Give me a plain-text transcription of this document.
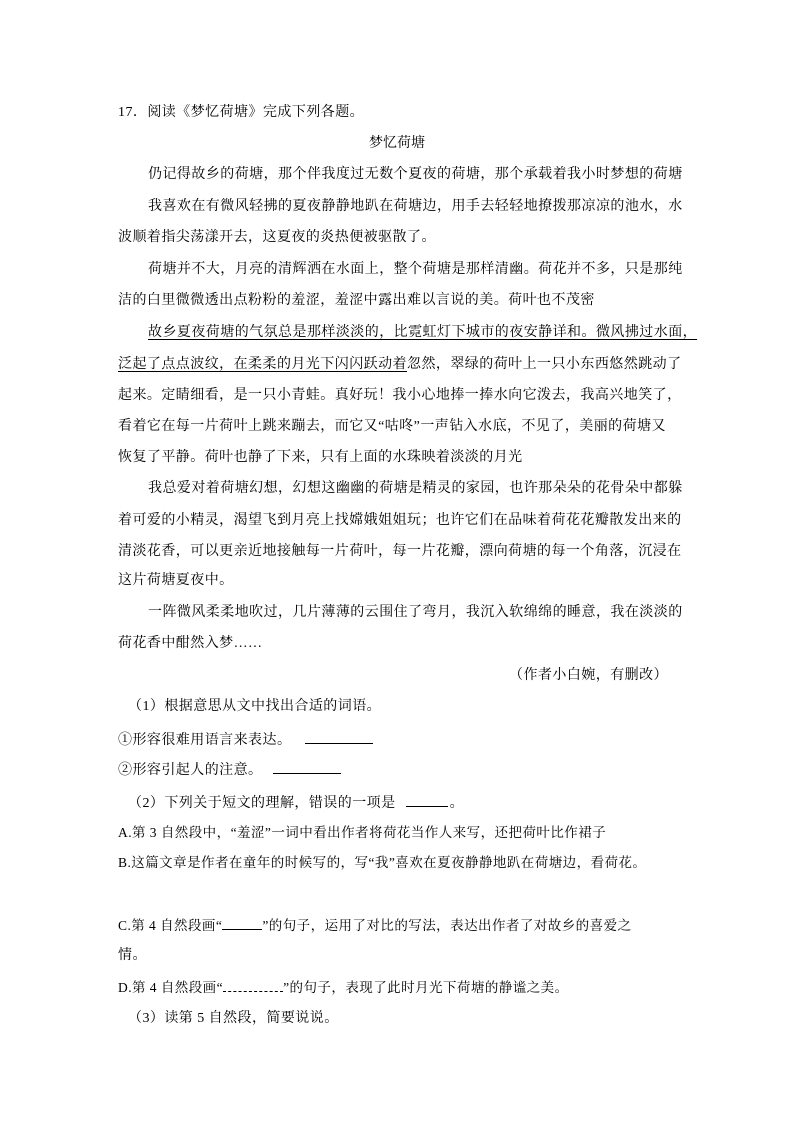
17．阅读《梦忆荷塘》完成下列各题。
梦忆荷塘
仍记得故乡的荷塘，那个伴我度过无数个夏夜的荷塘，那个承载着我小时梦想的荷塘
我喜欢在有微风轻拂的夏夜静静地趴在荷塘边，用手去轻轻地撩拨那凉凉的池水，水
波顺着指尖荡漾开去，这夏夜的炎热便被驱散了。
荷塘并不大，月亮的清辉洒在水面上，整个荷塘是那样清幽。荷花并不多，只是那纯
洁的白里微微透出点粉粉的羞涩，羞涩中露出难以言说的美。荷叶也不茂密
故乡夏夜荷塘的气氛总是那样淡淡的，比霓虹灯下城市的夜安静详和。微风拂过水面，
泛起了点点波纹，在柔柔的月光下闪闪跃动着忽然，翠绿的荷叶上一只小东西悠然跳动了
起来。定睛细看，是一只小青蛙。真好玩！我小心地捧一捧水向它泼去，我高兴地笑了，
看着它在每一片荷叶上跳来蹦去，而它又“咕咚”一声钻入水底，不见了，美丽的荷塘又
恢复了平静。荷叶也静了下来，只有上面的水珠映着淡淡的月光
我总爱对着荷塘幻想，幻想这幽幽的荷塘是精灵的家园，也许那朵朵的花骨朵中都躲
着可爱的小精灵，渴望飞到月亮上找嫦娥姐姐玩；也许它们在品味着荷花花瓣散发出来的
清淡花香，可以更亲近地接触每一片荷叶，每一片花瓣，漂向荷塘的每一个角落，沉浸在
这片荷塘夏夜中。
一阵微风柔柔地吹过，几片薄薄的云围住了弯月，我沉入软绵绵的睡意，我在淡淡的
荷花香中酣然入梦……
（作者小白婉，有删改）
（1）根据意思从文中找出合适的词语。
①形容很难用语言来表达。
②形容引起人的注意。
（2）下列关于短文的理解，错误的一项是	。
A.第 3 自然段中，“羞涩”一词中看出作者将荷花当作人来写，还把荷叶比作裙子
B.这篇文章是作者在童年的时候写的，写“我”喜欢在夏夜静静地趴在荷塘边，看荷花。
C.第 4 自然段画“	”的句子，运用了对比的写法，表达出作者了对故乡的喜爱之
情。
D.第 4 自然段画“	”的句子，表现了此时月光下荷塘的静谧之美。
（3）读第 5 自然段，简要说说。
